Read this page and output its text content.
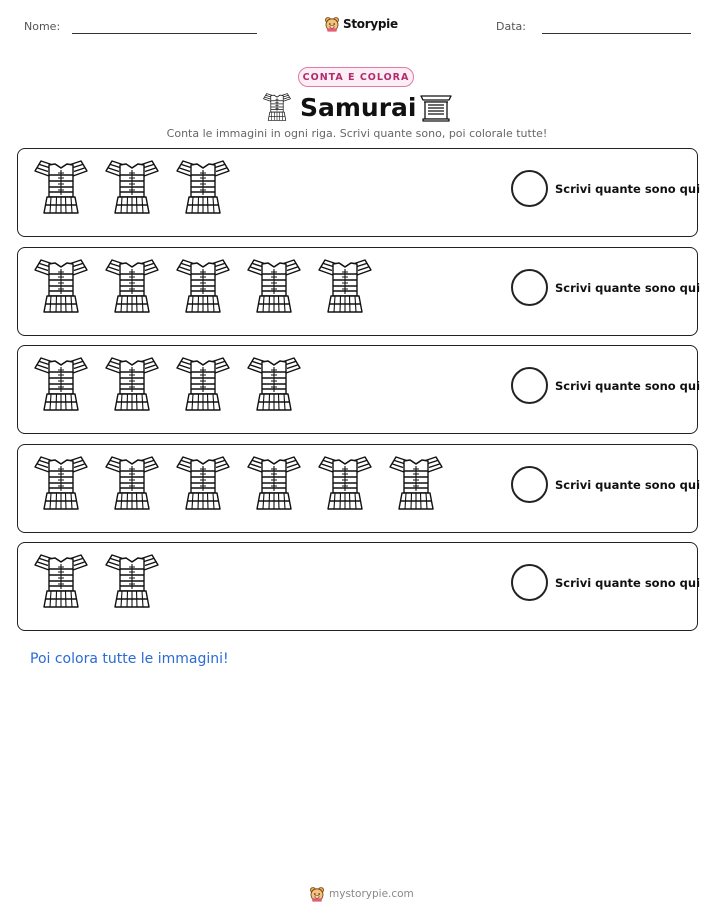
Nome:	Storypie	Data:
CONTA E COLORA
Samurai
Conta le immagini in ogni riga. Scrivi quante sono, poi colorale tutte!
Scrivi quante sono qui
Scrivi quante sono qui
Scrivi quante sono qui
Scrivi quante sono qui
Scrivi quante sono qui
Poi colora tutte le immagini!
mystorypie.com
